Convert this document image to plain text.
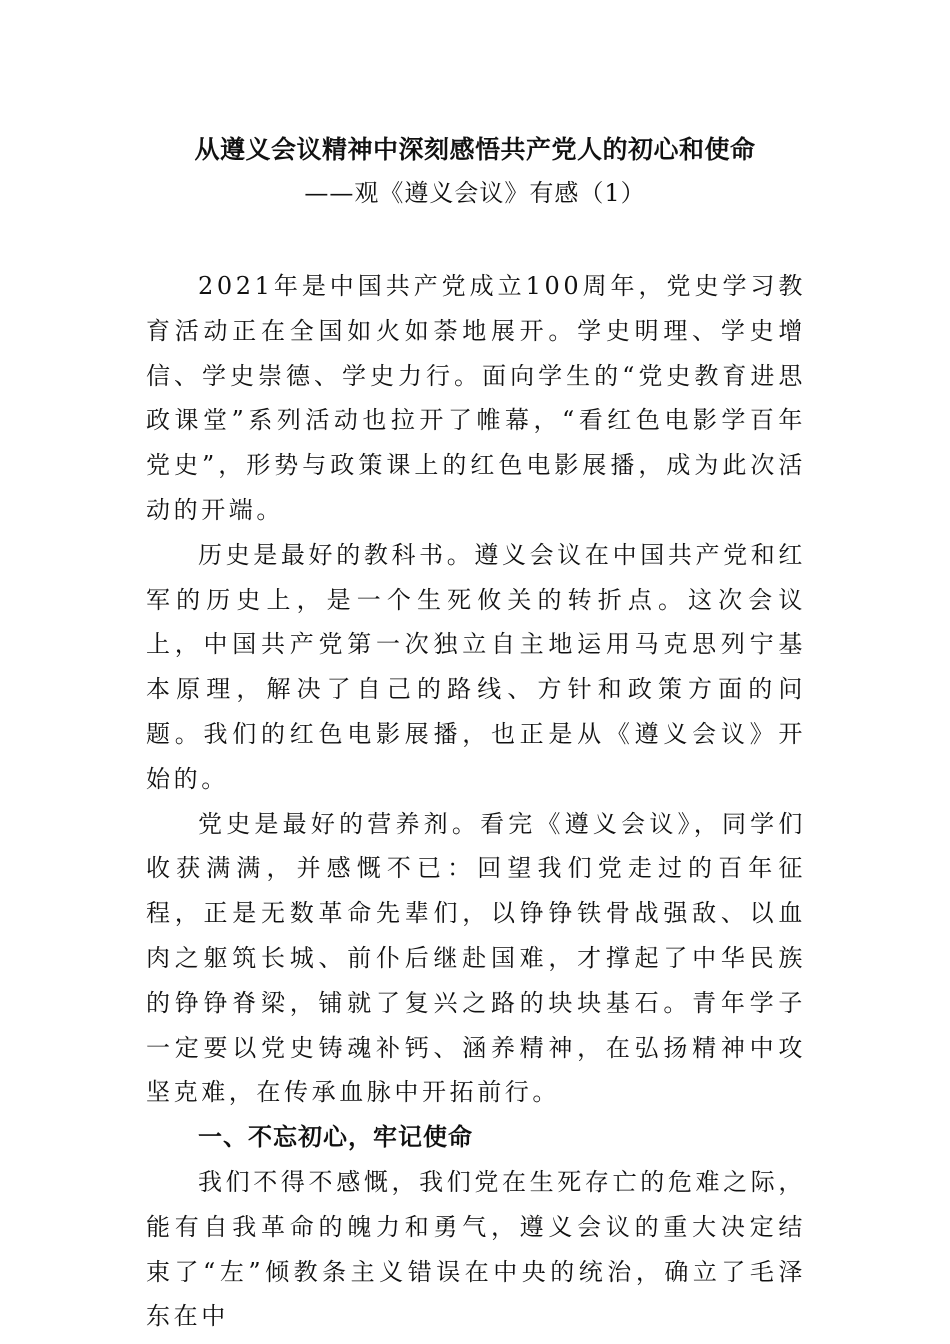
从遵义会议精神中深刻感悟共产党人的初心和使命
——观《遵义会议》有感（1）

2021年是中国共产党成立100周年，党史学习教育活动正在全国如火如荼地展开。学史明理、学史增信、学史崇德、学史力行。面向学生的“党史教育进思政课堂”系列活动也拉开了帷幕，“看红色电影学百年党史”，形势与政策课上的红色电影展播，成为此次活动的开端。

历史是最好的教科书。遵义会议在中国共产党和红军的历史上，是一个生死攸关的转折点。这次会议上，中国共产党第一次独立自主地运用马克思列宁基本原理，解决了自己的路线、方针和政策方面的问题。我们的红色电影展播，也正是从《遵义会议》开始的。

党史是最好的营养剂。看完《遵义会议》，同学们收获满满，并感慨不已：回望我们党走过的百年征程，正是无数革命先辈们，以铮铮铁骨战强敌、以血肉之躯筑长城、前仆后继赴国难，才撑起了中华民族的铮铮脊梁，铺就了复兴之路的块块基石。青年学子一定要以党史铸魂补钙、涵养精神，在弘扬精神中攻坚克难，在传承血脉中开拓前行。

一、不忘初心，牢记使命

我们不得不感慨，我们党在生死存亡的危难之际，能有自我革命的魄力和勇气，遵义会议的重大决定结束了“左”倾教条主义错误在中央的统治，确立了毛泽东在中
